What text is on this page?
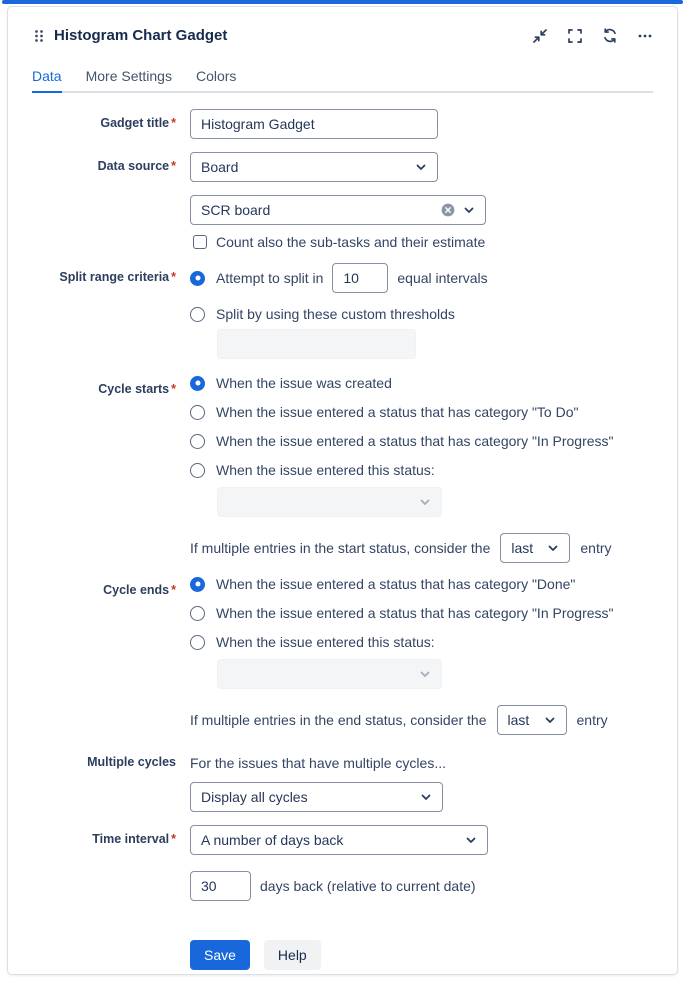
Histogram Chart Gadget
Data More Settings Colors
Gadget title *
Histogram Gadget
Data source * Board
SCR board
Count also the sub-tasks and their estimate
Split range criteria *	Attempt to split in
10	equal intervals
Split by using these custom thresholds
Cycle starts *	When the issue was created
When the issue entered a status that has category "To Do"
When the issue entered a status that has category "In Progress"
When the issue entered this status:
If multiple entries in the start status, consider the last	entry
Cycle ends *	When the issue entered a status that has category "Done"
When the issue entered a status that has category "In Progress"
When the issue entered this status:
If multiple entries in the end status, consider the last	entry
Multiple cycles For the issues that have multiple cycles...
Display all cycles
Time interval * A number of days back
30
days back (relative to current date)
Save	Help
